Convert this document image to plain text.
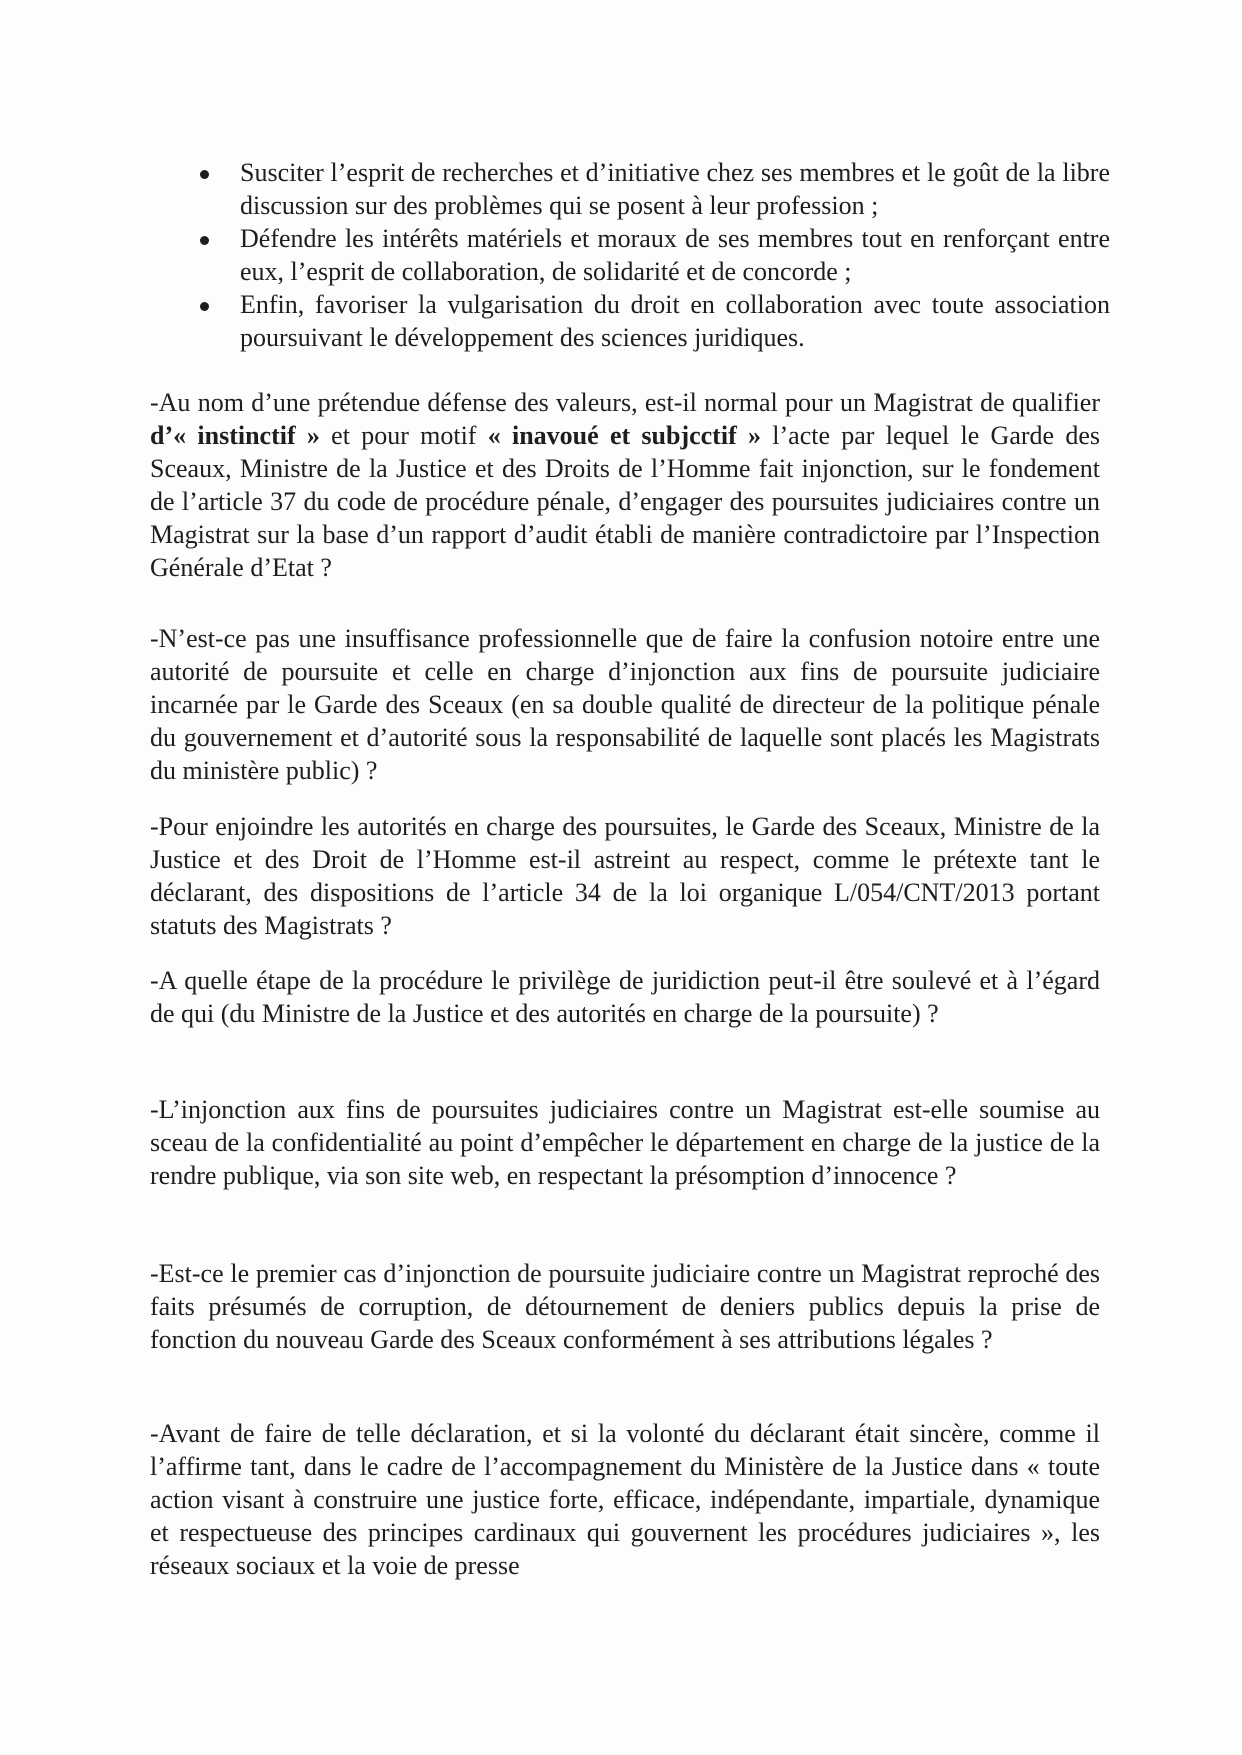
Susciter l’esprit de recherches et d’initiative chez ses membres et le goût de la libre discussion sur des problèmes qui se posent à leur profession ;
Défendre les intérêts matériels et moraux de ses membres tout en renforçant entre eux, l’esprit de collaboration, de solidarité et de concorde ;
Enfin, favoriser la vulgarisation du droit en collaboration avec toute association poursuivant le développement des sciences juridiques.

-Au nom d’une prétendue défense des valeurs, est-il normal pour un Magistrat de qualifier d’« instinctif » et pour motif « inavoué et subjcctif » l’acte par lequel le Garde des Sceaux, Ministre de la Justice et des Droits de l’Homme fait injonction, sur le fondement de l’article 37 du code de procédure pénale, d’engager des poursuites judiciaires contre un Magistrat sur la base d’un rapport d’audit établi de manière contradictoire par l’Inspection Générale d’Etat ?

-N’est-ce pas une insuffisance professionnelle que de faire la confusion notoire entre une autorité de poursuite et celle en charge d’injonction aux fins de poursuite judiciaire incarnée par le Garde des Sceaux (en sa double qualité de directeur de la politique pénale du gouvernement et d’autorité sous la responsabilité de laquelle sont placés les Magistrats du ministère public) ?

-Pour enjoindre les autorités en charge des poursuites, le Garde des Sceaux, Ministre de la Justice et des Droit de l’Homme est-il astreint au respect, comme le prétexte tant le déclarant, des dispositions de l’article 34 de la loi organique L/054/CNT/2013 portant statuts des Magistrats ?

-A quelle étape de la procédure le privilège de juridiction peut-il être soulevé et à l’égard de qui (du Ministre de la Justice et des autorités en charge de la poursuite) ?

-L’injonction aux fins de poursuites judiciaires contre un Magistrat est-elle soumise au sceau de la confidentialité au point d’empêcher le département en charge de la justice de la rendre publique, via son site web, en respectant la présomption d’innocence ?

-Est-ce le premier cas d’injonction de poursuite judiciaire contre un Magistrat reproché des faits présumés de corruption, de détournement de deniers publics depuis la prise de fonction du nouveau Garde des Sceaux conformément à ses attributions légales ?

-Avant de faire de telle déclaration, et si la volonté du déclarant était sincère, comme il l’affirme tant, dans le cadre de l’accompagnement du Ministère de la Justice dans « toute action visant à construire une justice forte, efficace, indépendante, impartiale, dynamique et respectueuse des principes cardinaux qui gouvernent les procédures judiciaires », les réseaux sociaux et la voie de presse
